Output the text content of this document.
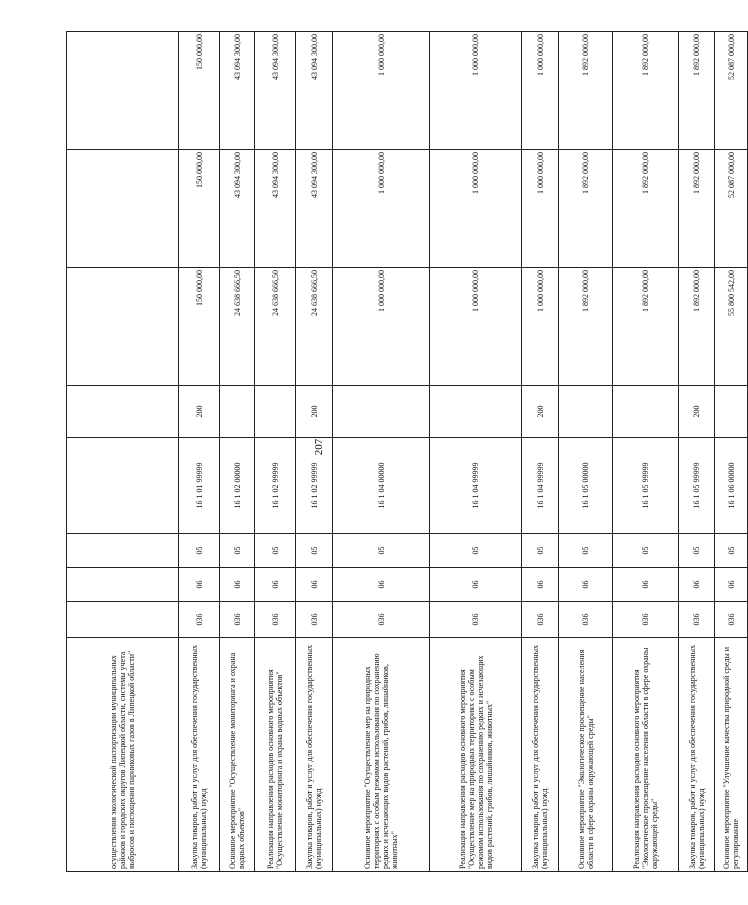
207
осуществления экологической паспортизации муниципальных районов и городских округов Липецкой области, системы учета выбросов и поглощения парниковых газов в Липецкой области"								
Закупка товаров, работ и услуг для обеспечения государственных (муниципальных) нужд	036	06	05	16 1 01 99999	200	150 000,00	150 000,00	150 000,00
Основное мероприятие "Осуществление мониторинга и охрана водных объектов"	036	06	05	16 1 02 00000		24 638 666,50	43 094 300,00	43 094 300,00
Реализация направления расходов основного мероприятия "Осуществление мониторинга и охрана водных объектов"	036	06	05	16 1 02 99999		24 638 666,50	43 094 300,00	43 094 300,00
Закупка товаров, работ и услуг для обеспечения государственных (муниципальных) нужд	036	06	05	16 1 02 99999	200	24 638 666,50	43 094 300,00	43 094 300,00
Основное мероприятие "Осуществление мер на природных территориях с особым режимом использования по сохранению редких и исчезающих видов растений, грибов, лишайников, животных"	036	06	05	16 1 04 00000		1 000 000,00	1 000 000,00	1 000 000,00
Реализация направления расходов основного мероприятия "Осуществление мер на природных территориях с особым режимом использования по сохранению редких и исчезающих видов растений, грибов, лишайников, животных"	036	06	05	16 1 04 99999		1 000 000,00	1 000 000,00	1 000 000,00
Закупка товаров, работ и услуг для обеспечения государственных (муниципальных) нужд	036	06	05	16 1 04 99999	200	1 000 000,00	1 000 000,00	1 000 000,00
Основное мероприятие "Экологическое просвещение населения области в сфере охраны окружающей среды"	036	06	05	16 1 05 00000		1 892 000,00	1 892 000,00	1 892 000,00
Реализация направления расходов основного мероприятия "Экологическое просвещение населения области в сфере охраны окружающей среды"	036	06	05	16 1 05 99999		1 892 000,00	1 892 000,00	1 892 000,00
Закупка товаров, работ и услуг для обеспечения государственных (муниципальных) нужд	036	06	05	16 1 05 99999	200	1 892 000,00	1 892 000,00	1 892 000,00
Основное мероприятие "Улучшение качества природной среды и регулирование	036	06	05	16 1 06 00000		55 800 542,00	52 087 000,00	52 087 000,00
